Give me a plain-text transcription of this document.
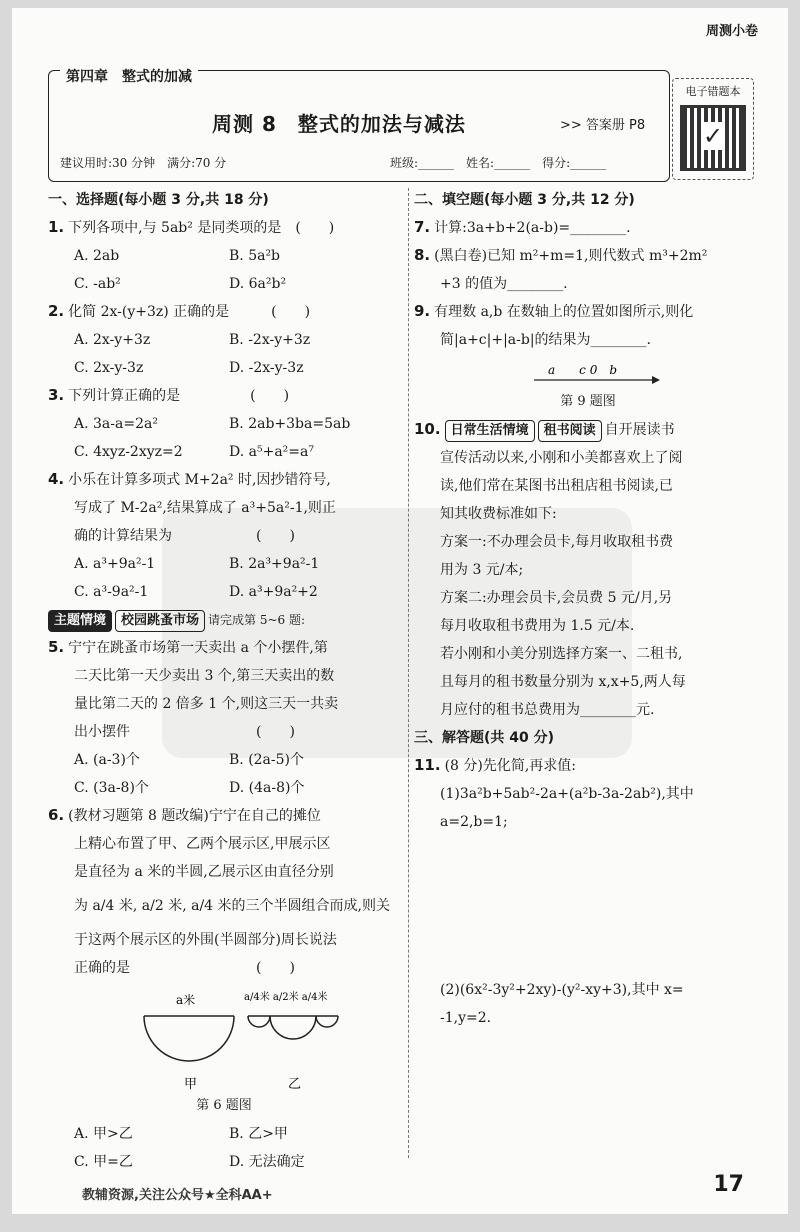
周测小卷
第四章　整式的加减
周测 8　整式的加法与减法	>> 答案册 P8
建议用时:30 分钟　满分:70 分	班级:______　姓名:______　得分:______
电子错题本
✓
一、选择题(每小题 3 分,共 18 分)
1. 下列各项中,与 5ab² 是同类项的是　(　　)
A. 2ab	B. 5a²b
C. -ab²	D. 6a²b²
2. 化简 2x-(y+3z) 正确的是　　　(　　)
A. 2x-y+3z	B. -2x-y+3z
C. 2x-y-3z	D. -2x-y-3z
3. 下列计算正确的是　　　　　(　　)
A. 3a-a=2a²	B. 2ab+3ba=5ab
C. 4xyz-2xyz=2	D. a⁵+a²=a⁷
4. 小乐在计算多项式 M+2a² 时,因抄错符号,
写成了 M-2a²,结果算成了 a³+5a²-1,则正
确的计算结果为　　　　　　(　　)
A. a³+9a²-1	B. 2a³+9a²-1
C. a³-9a²-1	D. a³+9a²+2
主题情境 校园跳蚤市场 请完成第 5~6 题:
5. 宁宁在跳蚤市场第一天卖出 a 个小摆件,第
二天比第一天少卖出 3 个,第三天卖出的数
量比第二天的 2 倍多 1 个,则这三天一共卖
出小摆件　　　　　　　　　(　　)
A. (a-3)个	B. (2a-5)个
C. (3a-8)个	D. (4a-8)个
6. (教材习题第 8 题改编)宁宁在自己的摊位
上精心布置了甲、乙两个展示区,甲展示区
是直径为 a 米的半圆,乙展示区由直径分别
为 a/4 米, a/2 米, a/4 米的三个半圆组合而成,则关
于这两个展示区的外围(半圆部分)周长说法
正确的是　　　　　　　　　(　　)
a米	a/4米 a/2米 a/4米
甲	乙
第 6 题图
A. 甲>乙	B. 乙>甲
C. 甲=乙	D. 无法确定
二、填空题(每小题 3 分,共 12 分)
7. 计算:3a+b+2(a-b)=________.
8. (黑白卷)已知 m²+m=1,则代数式 m³+2m²
+3 的值为________.
9. 有理数 a,b 在数轴上的位置如图所示,则化
简|a+c|+|a-b|的结果为________.
a　　c 0　b
第 9 题图
10. 日常生活情境 租书阅读 自开展读书
宣传活动以来,小刚和小美都喜欢上了阅
读,他们常在某图书出租店租书阅读,已
知其收费标准如下:
方案一:不办理会员卡,每月收取租书费
用为 3 元/本;
方案二:办理会员卡,会员费 5 元/月,另
每月收取租书费用为 1.5 元/本.
若小刚和小美分别选择方案一、二租书,
且每月的租书数量分别为 x,x+5,两人每
月应付的租书总费用为________元.
三、解答题(共 40 分)
11. (8 分)先化简,再求值:
(1)3a²b+5ab²-2a+(a²b-3a-2ab²),其中
a=2,b=1;
(2)(6x²-3y²+2xy)-(y²-xy+3),其中 x=
-1,y=2.
教辅资源,关注公众号★全科AA+	17
